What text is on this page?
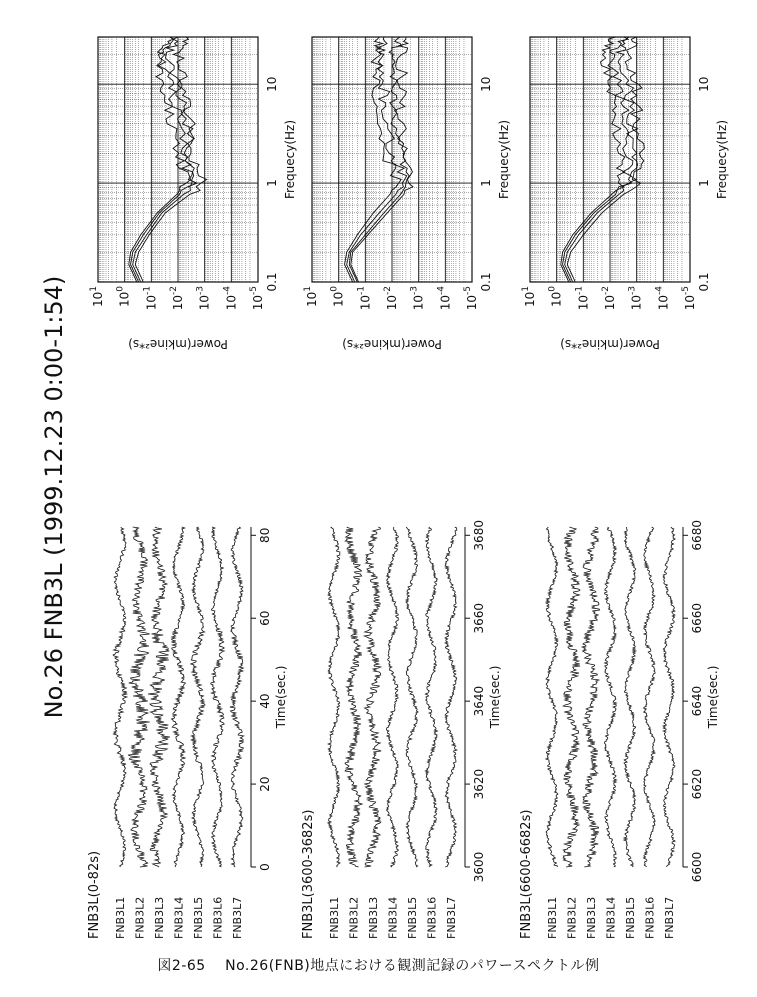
No.26 FNB3L (1999.12.23 0:00-1:54)
FNB3L(0-82s) FNB3L1 FNB3L2 FNB3L3 FNB3L4 FNB3L5 FNB3L6 FNB3L7
0
20
40
60
80
Time(sec.)
FNB3L(3600-3682s) FNB3L1 FNB3L2 FNB3L3 FNB3L4 FNB3L5 FNB3L6 FNB3L7
3600
3620
3640
3660
3680
Time(sec.)
FNB3L(6600-6682s) FNB3L1 FNB3L2 FNB3L3 FNB3L4 FNB3L5 FNB3L6 FNB3L7
6600
6620
6640
6660
6680
Time(sec.)
$10^1$
$10^0$
$10^{-1}$
$10^{-2}$
$10^{-3}$
$10^{-4}$
$10^{-5}$
Power(mkine²*s)
0.1
1
10
Frequecy(Hz)
$10^1$
$10^0$
$10^{-1}$
$10^{-2}$
$10^{-3}$
$10^{-4}$
$10^{-5}$
Power(mkine²*s)
0.1
1
10
Frequecy(Hz)
$10^1$
$10^0$
$10^{-1}$
$10^{-2}$
$10^{-3}$
$10^{-4}$
$10^{-5}$
Power(mkine²*s)
0.1
1
10
Frequecy(Hz)
図2-65　 No.26(FNB)地点における観測記録のパワースペクトル例
